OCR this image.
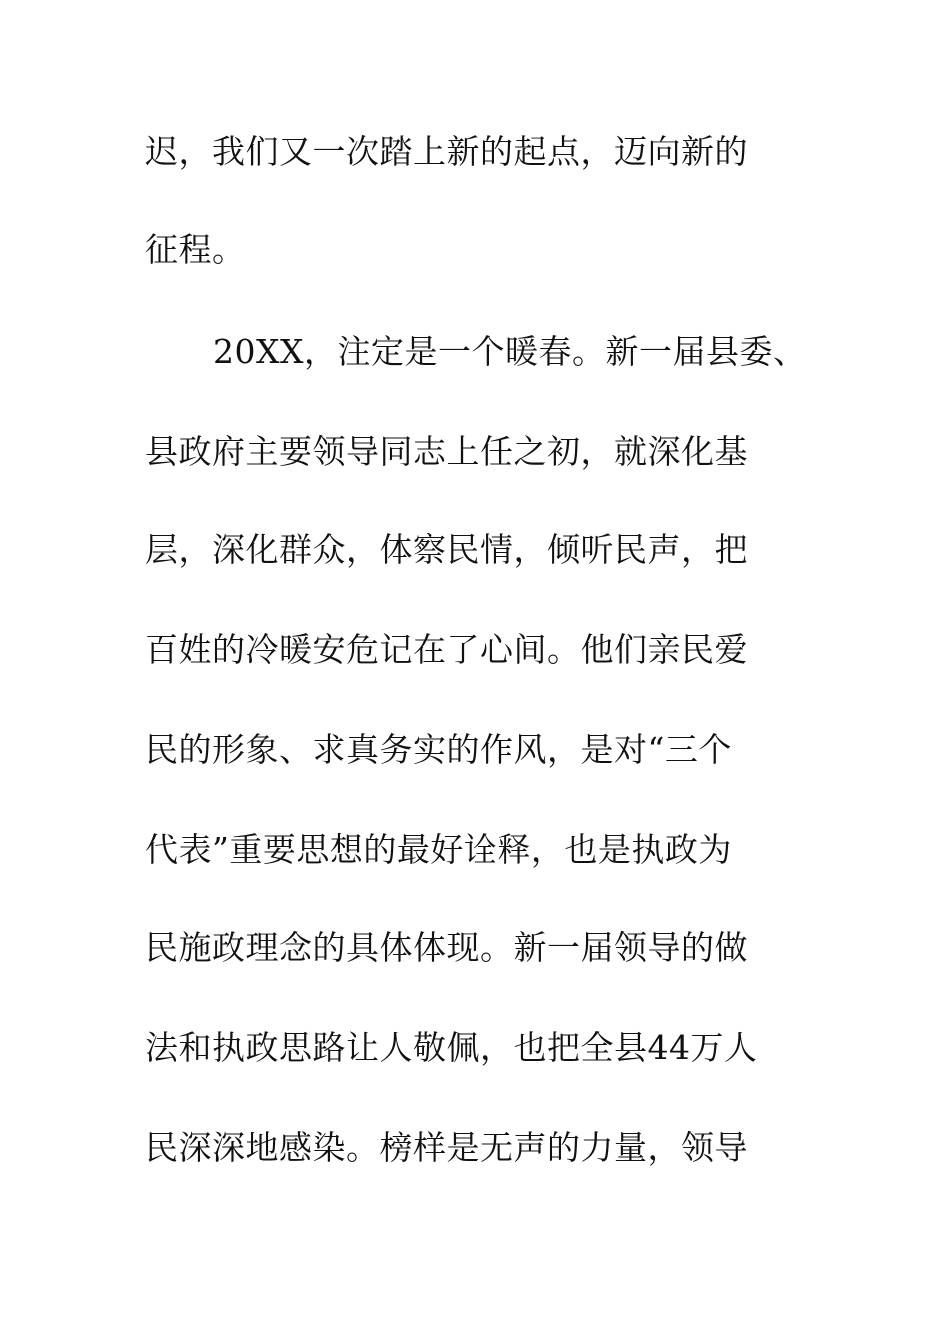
迟，我们又一次踏上新的起点，迈向新的
征程。
20XX，注定是一个暖春。新一届县委、
县政府主要领导同志上任之初，就深化基
层，深化群众，体察民情，倾听民声，把
百姓的冷暖安危记在了心间。他们亲民爱
民的形象、求真务实的作风，是对“三个
代表”重要思想的最好诠释，也是执政为
民施政理念的具体体现。新一届领导的做
法和执政思路让人敬佩，也把全县44万人
民深深地感染。榜样是无声的力量，领导
